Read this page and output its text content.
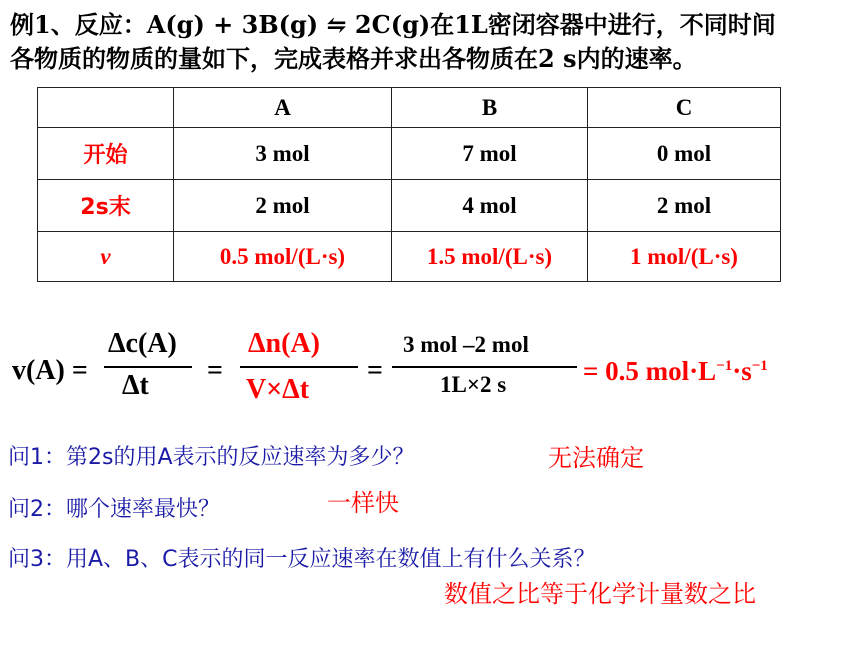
例1、反应：A(g) + 3B(g) ⇋ 2C(g)在1L密闭容器中进行，不同时间
各物质的物质的量如下，完成表格并求出各物质在2 s内的速率。
	A	B	C
开始	3 mol	7 mol	0 mol
2s末	2 mol	4 mol	2 mol
v	0.5 mol/(L·s)	1.5 mol/(L·s)	1 mol/(L·s)
v(A) =
Δc(A)
Δt =
Δn(A)
V×Δt
=
3 mol –2 mol
1L×2 s	= 0.5 $mol\cdot L^{-1}\cdot s^{-1}$
问1：第2s的用A表示的反应速率为多少？	无法确定
问2：哪个速率最快？	一样快
问3：用A、B、C表示的同一反应速率在数值上有什么关系？
数值之比等于化学计量数之比
